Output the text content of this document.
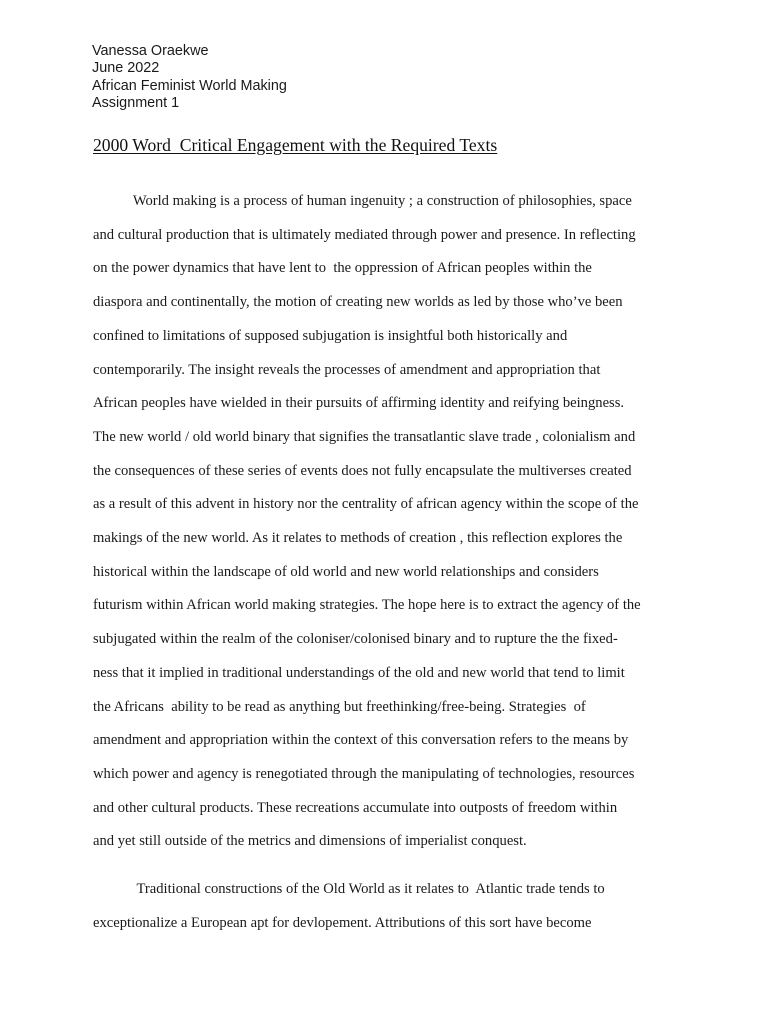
Vanessa Oraekwe
June 2022
African Feminist World Making
Assignment 1
2000 Word  Critical Engagement with the Required Texts
World making is a process of human ingenuity ; a construction of philosophies, space
and cultural production that is ultimately mediated through power and presence. In reflecting
on the power dynamics that have lent to  the oppression of African peoples within the
diaspora and continentally, the motion of creating new worlds as led by those who’ve been
confined to limitations of supposed subjugation is insightful both historically and
contemporarily. The insight reveals the processes of amendment and appropriation that
African peoples have wielded in their pursuits of affirming identity and reifying beingness.
The new world / old world binary that signifies the transatlantic slave trade , colonialism and
the consequences of these series of events does not fully encapsulate the multiverses created
as a result of this advent in history nor the centrality of african agency within the scope of the
makings of the new world. As it relates to methods of creation , this reflection explores the
historical within the landscape of old world and new world relationships and considers
futurism within African world making strategies. The hope here is to extract the agency of the
subjugated within the realm of the coloniser/colonised binary and to rupture the the fixed-
ness that it implied in traditional understandings of the old and new world that tend to limit
the Africans  ability to be read as anything but freethinking/free-being. Strategies  of
amendment and appropriation within the context of this conversation refers to the means by
which power and agency is renegotiated through the manipulating of technologies, resources
and other cultural products. These recreations accumulate into outposts of freedom within
and yet still outside of the metrics and dimensions of imperialist conquest.
Traditional constructions of the Old World as it relates to  Atlantic trade tends to
exceptionalize a European apt for devlopement. Attributions of this sort have become
